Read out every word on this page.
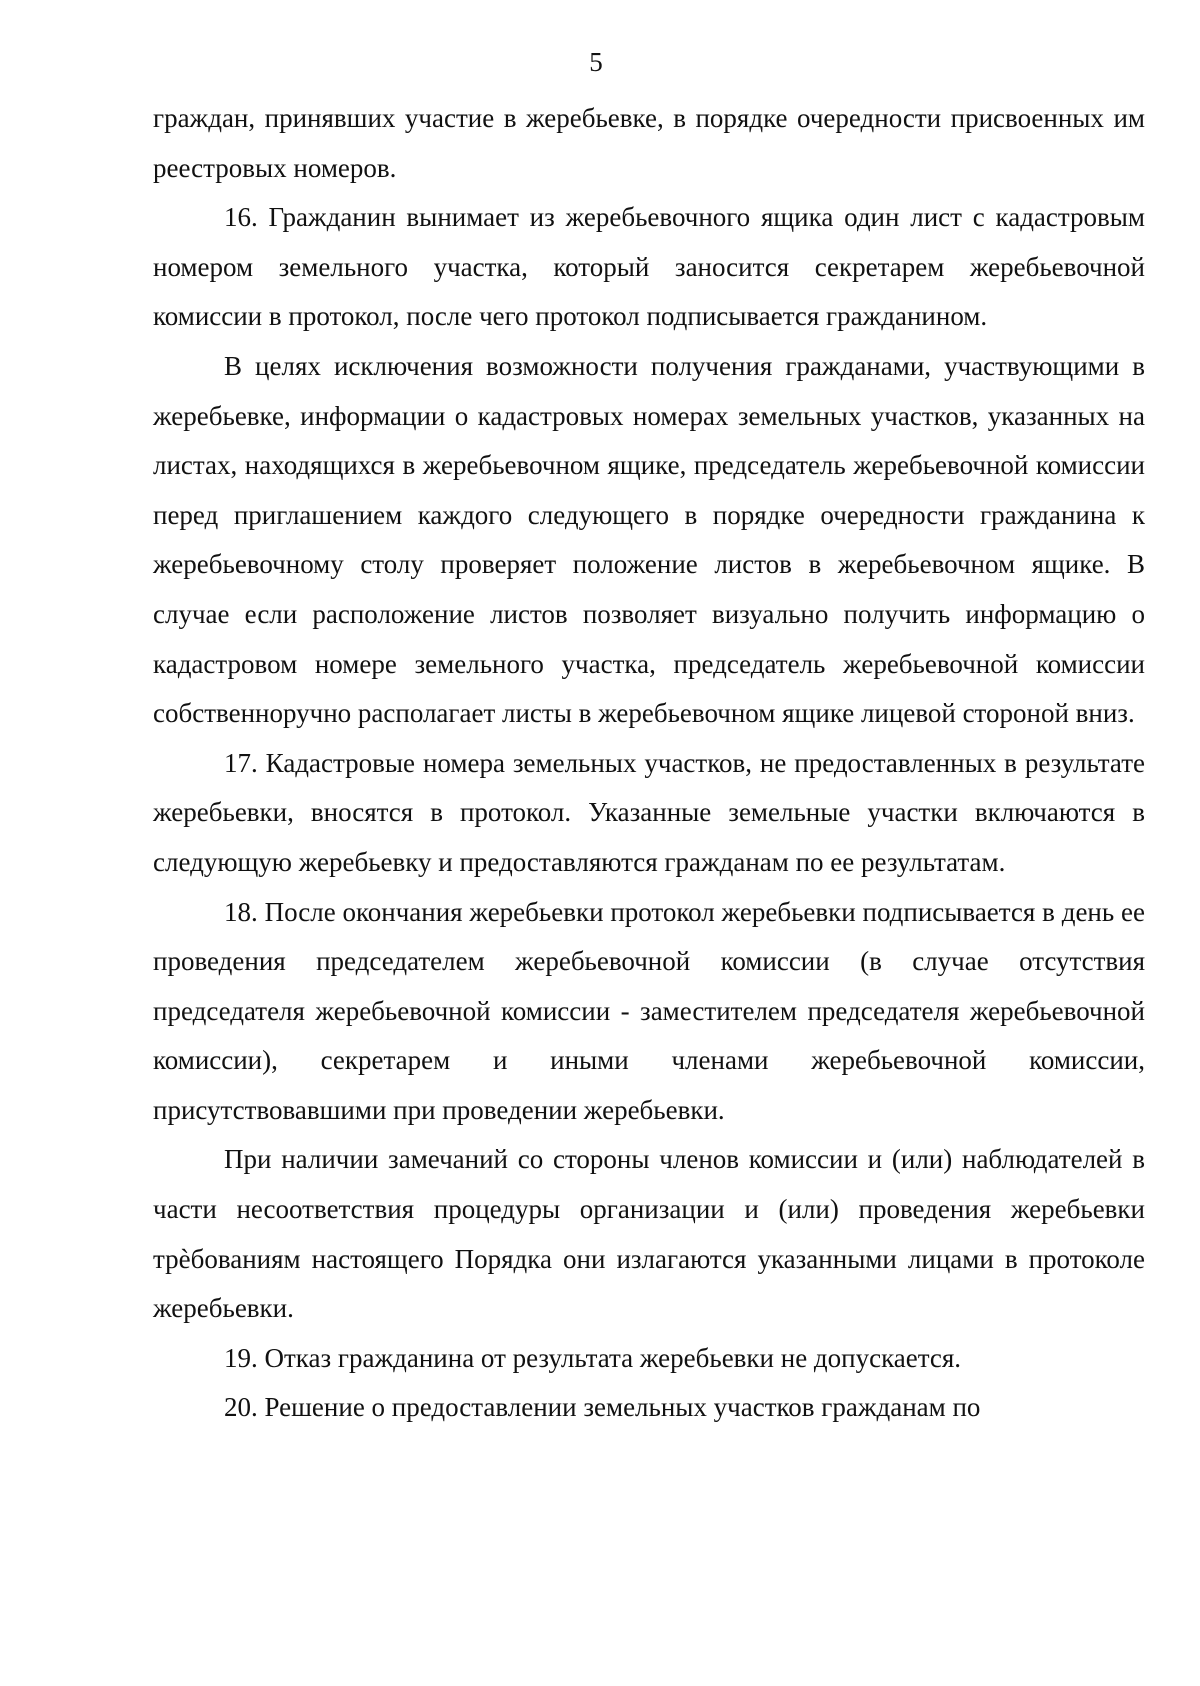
5

граждан, принявших участие в жеребьевке, в порядке очередности присвоенных им реестровых номеров.

16. Гражданин вынимает из жеребьевочного ящика один лист с кадастровым номером земельного участка, который заносится секретарем жеребьевочной комиссии в протокол, после чего протокол подписывается гражданином.

В целях исключения возможности получения гражданами, участвующими в жеребьевке, информации о кадастровых номерах земельных участков, указанных на листах, находящихся в жеребьевочном ящике, председатель жеребьевочной комиссии перед приглашением каждого следующего в порядке очередности гражданина к жеребьевочному столу проверяет положение листов в жеребьевочном ящике. В случае если расположение листов позволяет визуально получить информацию о кадастровом номере земельного участка, председатель жеребьевочной комиссии собственноручно располагает листы в жеребьевочном ящике лицевой стороной вниз.

17. Кадастровые номера земельных участков, не предоставленных в результате жеребьевки, вносятся в протокол. Указанные земельные участки включаются в следующую жеребьевку и предоставляются гражданам по ее результатам.

18. После окончания жеребьевки протокол жеребьевки подписывается в день ее проведения председателем жеребьевочной комиссии (в случае отсутствия председателя жеребьевочной комиссии - заместителем председателя жеребьевочной комиссии), секретарем и иными членами жеребьевочной комиссии, присутствовавшими при проведении жеребьевки.

При наличии замечаний со стороны членов комиссии и (или) наблюдателей в части несоответствия процедуры организации и (или) проведения жеребьевки трѐбованиям настоящего Порядка они излагаются указанными лицами в протоколе жеребьевки.

19. Отказ гражданина от результата жеребьевки не допускается.

20. Решение о предоставлении земельных участков гражданам по
